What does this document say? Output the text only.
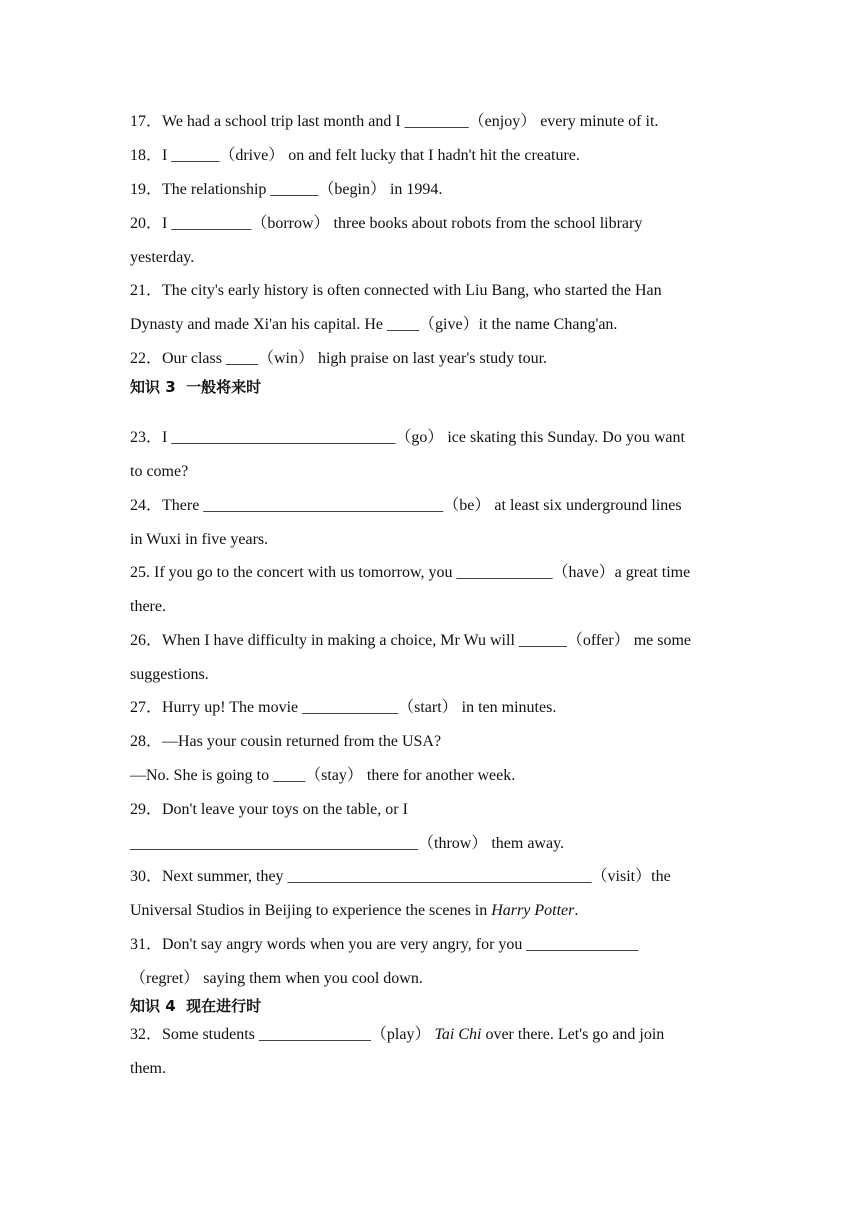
17．We had a school trip last month and I ________（enjoy） every minute of it.
18．I ______（drive） on and felt lucky that I hadn't hit the creature.
19．The relationship ______（begin） in 1994.
20．I __________（borrow） three books about robots from the school library
yesterday.
21．The city's early history is often connected with Liu Bang, who started the Han
Dynasty and made Xi'an his capital. He ____（give）it the name Chang'an.
22．Our class ____（win） high praise on last year's study tour.
知识 3  一般将来时
23．I ____________________________（go） ice skating this Sunday. Do you want
to come?
24．There ______________________________（be） at least six underground lines
in Wuxi in five years.
25. If you go to the concert with us tomorrow, you ____________（have）a great time
there.
26．When I have difficulty in making a choice, Mr Wu will ______（offer） me some
suggestions.
27．Hurry up! The movie ____________（start） in ten minutes.
28．—Has your cousin returned from the USA?
—No. She is going to ____（stay） there for another week.
29．Don't leave your toys on the table, or I
____________________________________（throw） them away.
30．Next summer, they ______________________________________（visit）the
Universal Studios in Beijing to experience the scenes in Harry Potter.
31．Don't say angry words when you are very angry, for you ______________
（regret） saying them when you cool down.
知识 4  现在进行时
32．Some students ______________（play） Tai Chi over there. Let's go and join
them.
